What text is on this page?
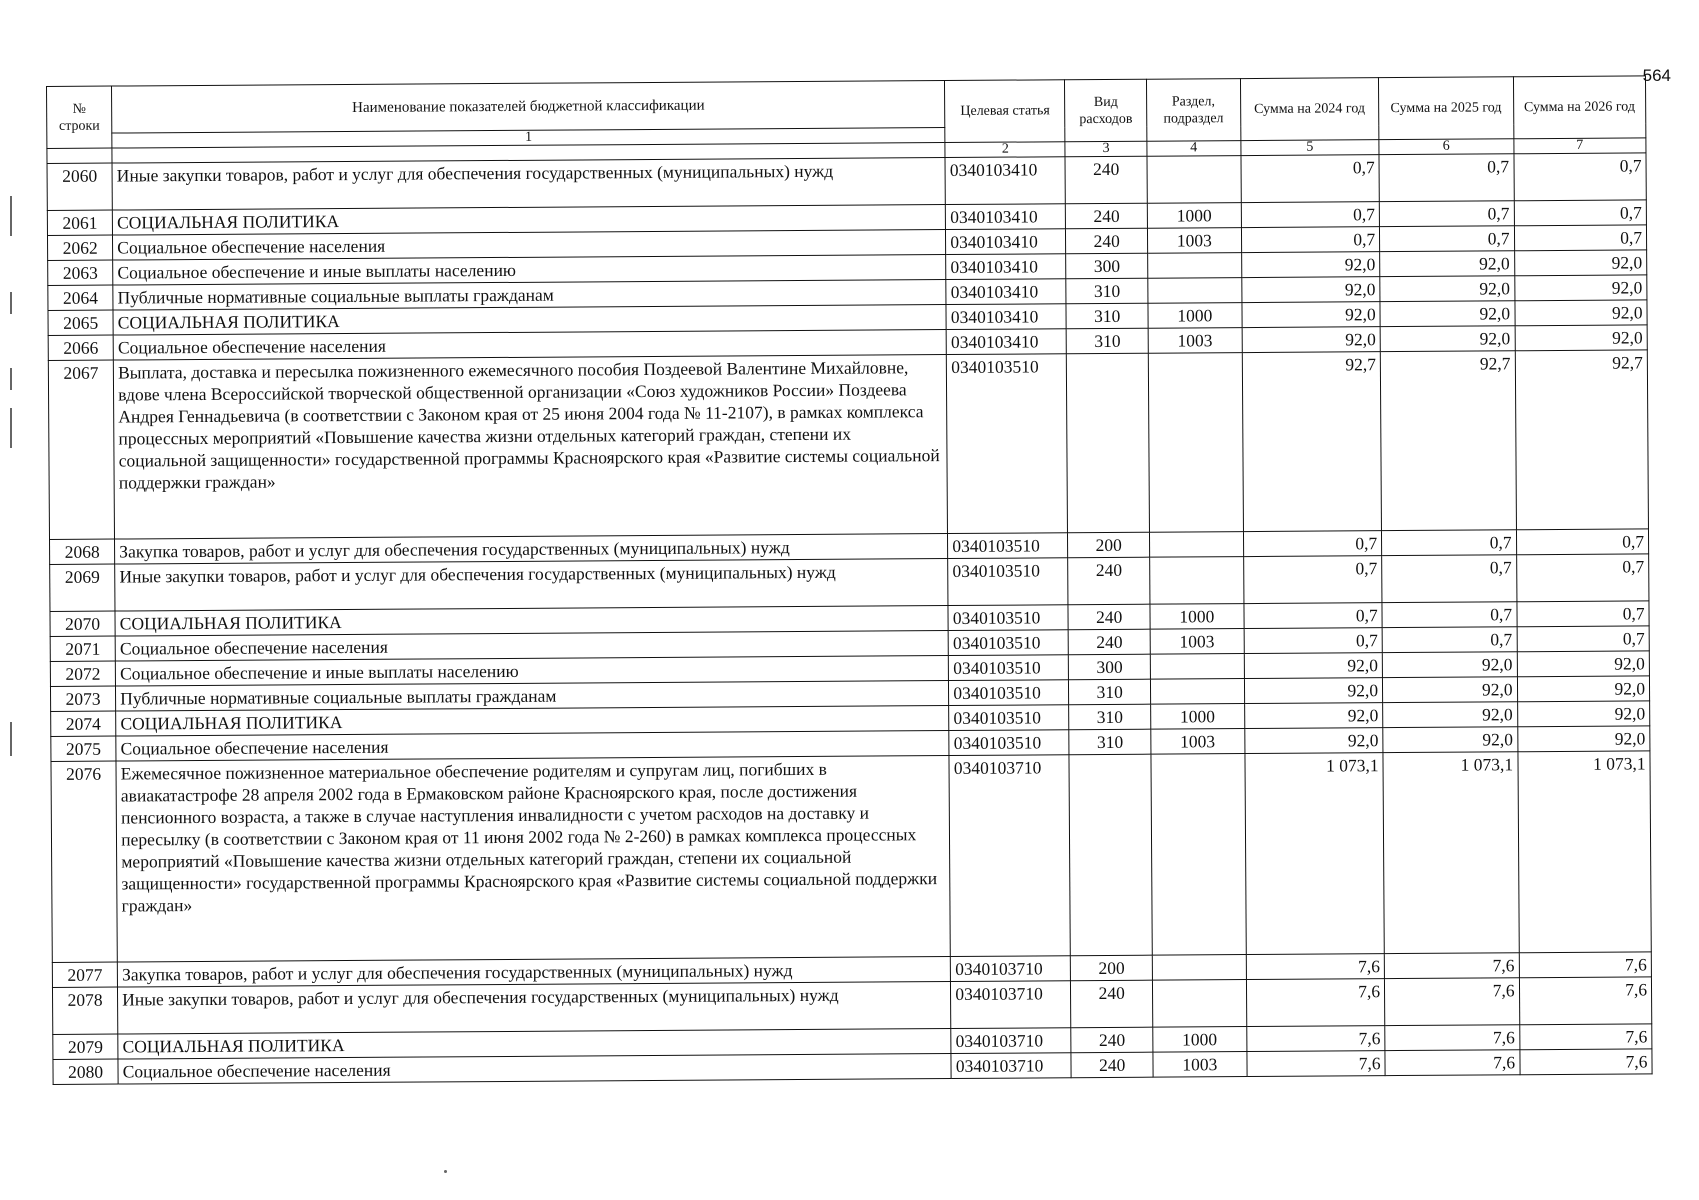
564
№ строки	Наименование показателей бюджетной классификации	Целевая статья	Вид расходов	Раздел, подраздел	Сумма на 2024 год	Сумма на 2025 год	Сумма на 2026 год
	1						
		2	3	4	5	6	7
2060	Иные закупки товаров, работ и услуг для обеспечения государственных (муниципальных) нужд	0340103410	240		0,7	0,7	0,7
2061	СОЦИАЛЬНАЯ ПОЛИТИКА	0340103410	240	1000	0,7	0,7	0,7
2062	Социальное обеспечение населения	0340103410	240	1003	0,7	0,7	0,7
2063	Социальное обеспечение и иные выплаты населению	0340103410	300		92,0	92,0	92,0
2064	Публичные нормативные социальные выплаты гражданам	0340103410	310		92,0	92,0	92,0
2065	СОЦИАЛЬНАЯ ПОЛИТИКА	0340103410	310	1000	92,0	92,0	92,0
2066	Социальное обеспечение населения	0340103410	310	1003	92,0	92,0	92,0
2067	Выплата, доставка и пересылка пожизненного ежемесячного пособия Поздеевой Валентине Михайловне, вдове члена Всероссийской творческой общественной организации «Союз художников России» Поздеева Андрея Геннадьевича (в соответствии с Законом края от 25 июня 2004 года № 11-2107), в рамках комплекса процессных мероприятий «Повышение качества жизни отдельных категорий граждан, степени их социальной защищенности» государственной программы Красноярского края «Развитие системы социальной поддержки граждан»	0340103510			92,7	92,7	92,7
2068	Закупка товаров, работ и услуг для обеспечения государственных (муниципальных) нужд	0340103510	200		0,7	0,7	0,7
2069	Иные закупки товаров, работ и услуг для обеспечения государственных (муниципальных) нужд	0340103510	240		0,7	0,7	0,7
2070	СОЦИАЛЬНАЯ ПОЛИТИКА	0340103510	240	1000	0,7	0,7	0,7
2071	Социальное обеспечение населения	0340103510	240	1003	0,7	0,7	0,7
2072	Социальное обеспечение и иные выплаты населению	0340103510	300		92,0	92,0	92,0
2073	Публичные нормативные социальные выплаты гражданам	0340103510	310		92,0	92,0	92,0
2074	СОЦИАЛЬНАЯ ПОЛИТИКА	0340103510	310	1000	92,0	92,0	92,0
2075	Социальное обеспечение населения	0340103510	310	1003	92,0	92,0	92,0
2076	Ежемесячное пожизненное материальное обеспечение родителям и супругам лиц, погибших в авиакатастрофе 28 апреля 2002 года в Ермаковском районе Красноярского края, после достижения пенсионного возраста, а также в случае наступления инвалидности с учетом расходов на доставку и пересылку (в соответствии с Законом края от 11 июня 2002 года № 2-260) в рамках комплекса процессных мероприятий «Повышение качества жизни отдельных категорий граждан, степени их социальной защищенности» государственной программы Красноярского края «Развитие системы социальной поддержки граждан»	0340103710			1 073,1	1 073,1	1 073,1
2077	Закупка товаров, работ и услуг для обеспечения государственных (муниципальных) нужд	0340103710	200		7,6	7,6	7,6
2078	Иные закупки товаров, работ и услуг для обеспечения государственных (муниципальных) нужд	0340103710	240		7,6	7,6	7,6
2079	СОЦИАЛЬНАЯ ПОЛИТИКА	0340103710	240	1000	7,6	7,6	7,6
2080	Социальное обеспечение населения	0340103710	240	1003	7,6	7,6	7,6
